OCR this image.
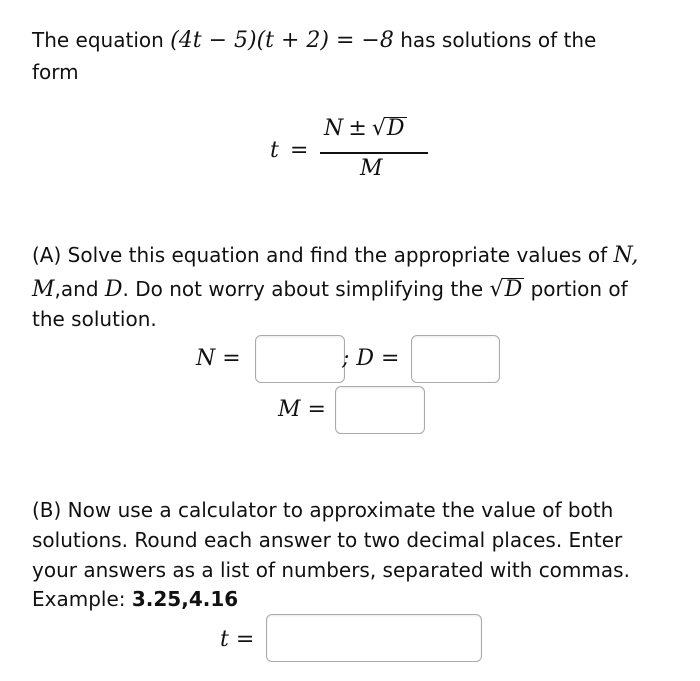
The equation (4t − 5)(t + 2) = −8 has solutions of the
form
t =
N ± √D
M
(A) Solve this equation and find the appropriate values of N,
M,and D. Do not worry about simplifying the √D portion of
the solution.
N =	; D =
M =
(B) Now use a calculator to approximate the value of both
solutions. Round each answer to two decimal places. Enter
your answers as a list of numbers, separated with commas.
Example: 3.25,4.16
t =
